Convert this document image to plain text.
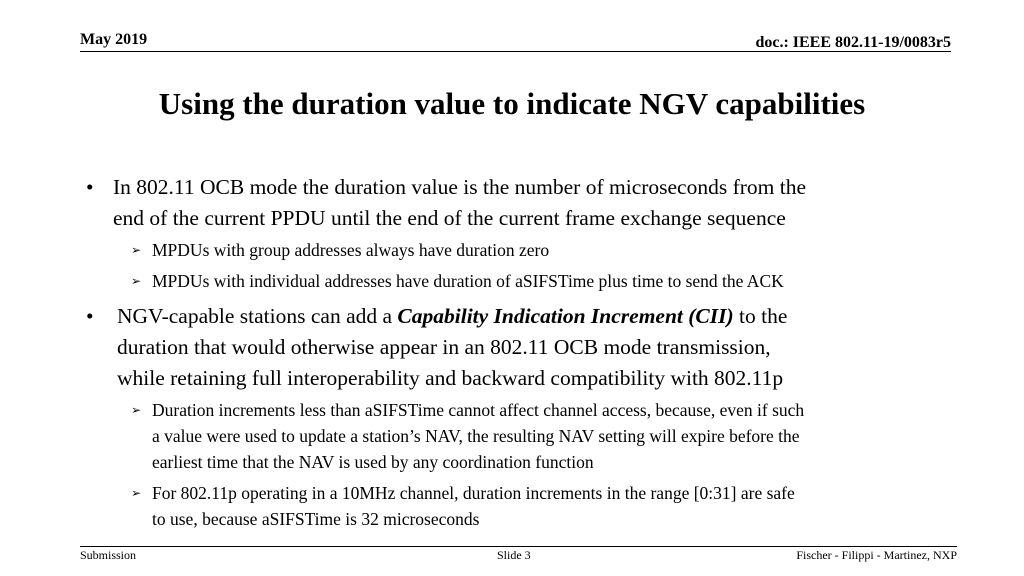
May 2019	doc.: IEEE 802.11-19/0083r5
Using the duration value to indicate NGV capabilities
• In 802.11 OCB mode the duration value is the number of microseconds from the
end of the current PPDU until the end of the current frame exchange sequence
➢ MPDUs with group addresses always have duration zero
➢ MPDUs with individual addresses have duration of aSIFSTime plus time to send the ACK
• NGV-capable stations can add a Capability Indication Increment (CII) to the
duration that would otherwise appear in an 802.11 OCB mode transmission,
while retaining full interoperability and backward compatibility with 802.11p
➢ Duration increments less than aSIFSTime cannot affect channel access, because, even if such
a value were used to update a station’s NAV, the resulting NAV setting will expire before the
earliest time that the NAV is used by any coordination function
➢ For 802.11p operating in a 10MHz channel, duration increments in the range [0:31] are safe
to use, because aSIFSTime is 32 microseconds
Submission	Slide 3	Fischer - Filippi - Martinez, NXP
